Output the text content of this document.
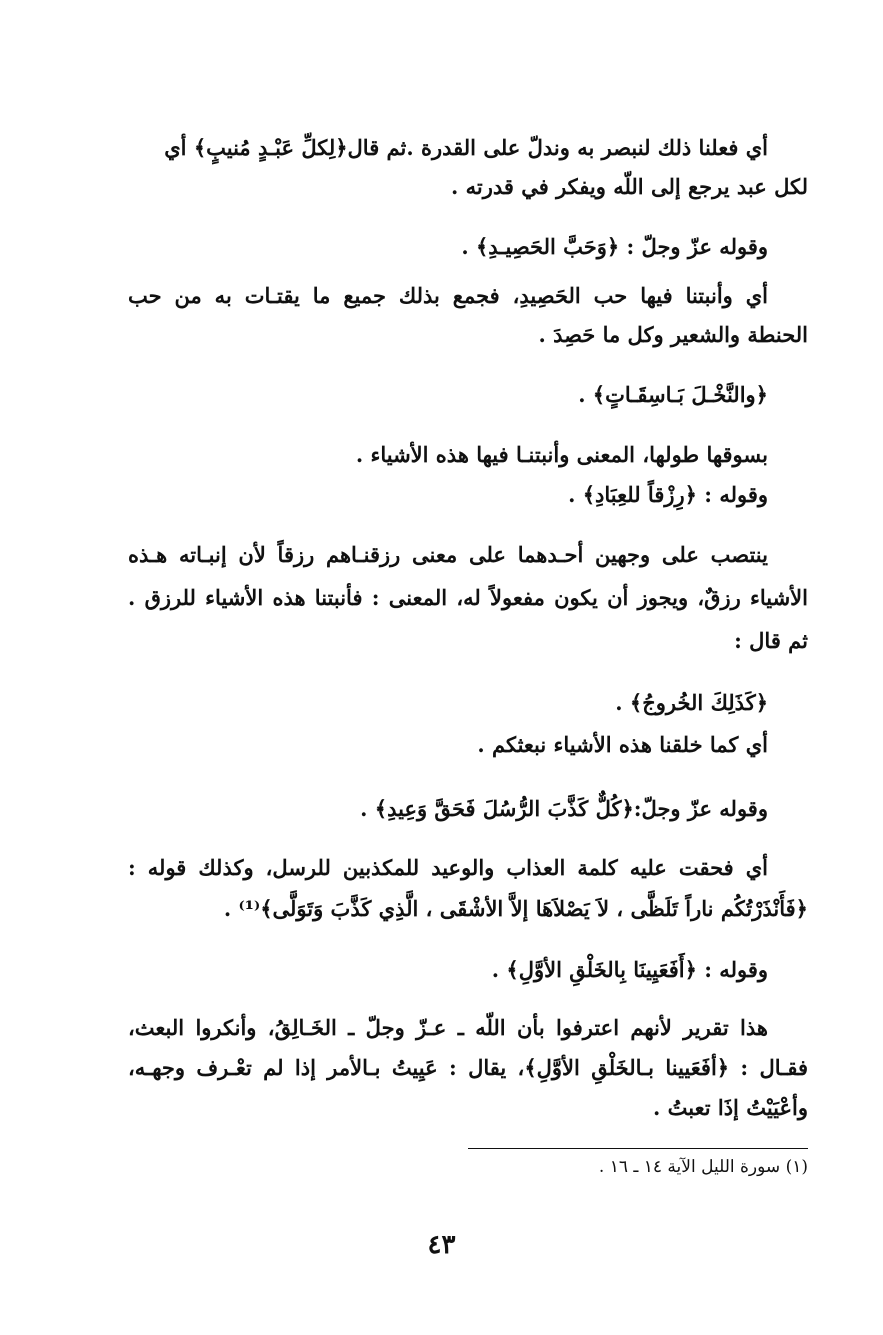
أي فعلنا ذلك لنبصر به وندلّ على القدرة .ثم قال﴿لِكلِّ عَبْـدٍ مُنيبٍ﴾ أي
لكل عبد يرجع إلى اللّه ويفكر في قدرته .
وقوله عزّ وجلّ : ﴿وَحَبَّ الحَصِيـدِ﴾ .
أي وأنبتنا فيها حب الحَصِيدِ، فجمع بذلك جميع ما يقتـات به من حب
الحنطة والشعير وكل ما حَصِدَ .
﴿والنَّخْـلَ بَـاسِقَـاتٍ﴾ .
بسوقها طولها، المعنى وأنبتنـا فيها هذه الأشياء .
وقوله : ﴿رِزْقاً للعِبَادِ﴾ .
ينتصب على وجهين أحـدهما على معنى رزقنـاهم رزقاً لأن إنبـاته هـذه
الأشياء رزقٌ، ويجوز أن يكون مفعولاً له، المعنى : فأنبتنا هذه الأشياء للرزق .
ثم قال :
﴿كَذَلِكَ الخُروجُ﴾ .
أي كما خلقنا هذه الأشياء نبعثكم .
وقوله عزّ وجلّ:﴿كُلٌّ كَذَّبَ الرُّسُلَ فَحَقَّ وَعِيدِ﴾ .
أي فحقت عليه كلمة العذاب والوعيد للمكذبين للرسل، وكذلك قوله :
﴿فَأَنْذَرْتُكُم ناراً تَلَظَّى ، لاَ يَصْلاَهَا إلاَّ الأشْقَى ، الَّذِي كَذَّبَ وَتَوَلَّى﴾⁽¹⁾ .
وقوله : ﴿أَفَعَيِينَا بِالخَلْقِ الأوَّلِ﴾ .
هذا تقرير لأنهم اعترفوا بأن اللّه ـ عـزّ وجلّ ـ الخَـالِقُ، وأنكروا البعث،
فقـال : ﴿أفَعَيينا بـالخَلْقِ الأوَّلِ﴾، يقال : عَيِيتُ بـالأمر إذا لم تعْـرف وجهـه،
وأعْيَيْتُ إذَا تعبتُ .
(١) سورة الليل الآية ١٤ ـ ١٦ .
٤٣
